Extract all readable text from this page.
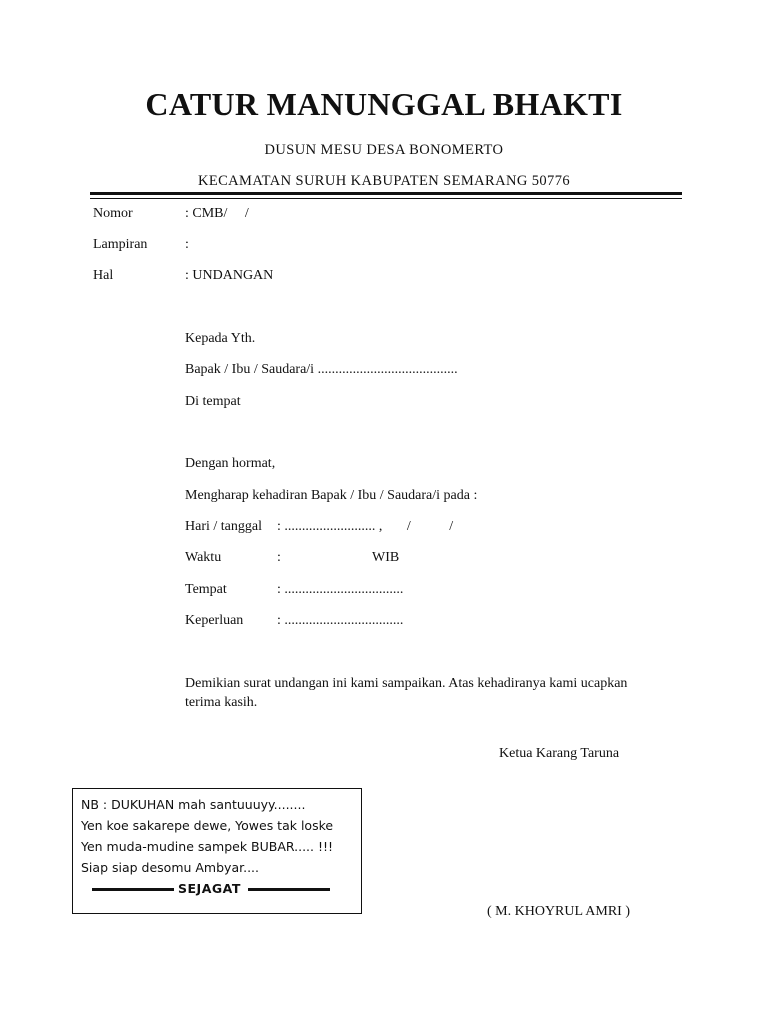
CATUR MANUNGGAL BHAKTI
DUSUN MESU DESA BONOMERTO
KECAMATAN SURUH KABUPATEN SEMARANG 50776
Nomor	: CMB/     /
Lampiran	:
Hal	: UNDANGAN
Kepada Yth.
Bapak / Ibu / Saudara/i ........................................
Di tempat
Dengan hormat,
Mengharap kehadiran Bapak / Ibu / Saudara/i pada :
Hari / tanggal : .......................... ,       /           /
Waktu	:	WIB
Tempat	: ..................................
Keperluan : ..................................
Demikian surat undangan ini kami sampaikan. Atas kehadiranya kami ucapkan
terima kasih.
Ketua Karang Taruna
( M. KHOYRUL AMRI )
NB : DUKUHAN mah santuuuyy........
Yen koe sakarepe dewe, Yowes tak loske
Yen muda-mudine sampek BUBAR..... !!!
Siap siap desomu Ambyar....
SEJAGAT
